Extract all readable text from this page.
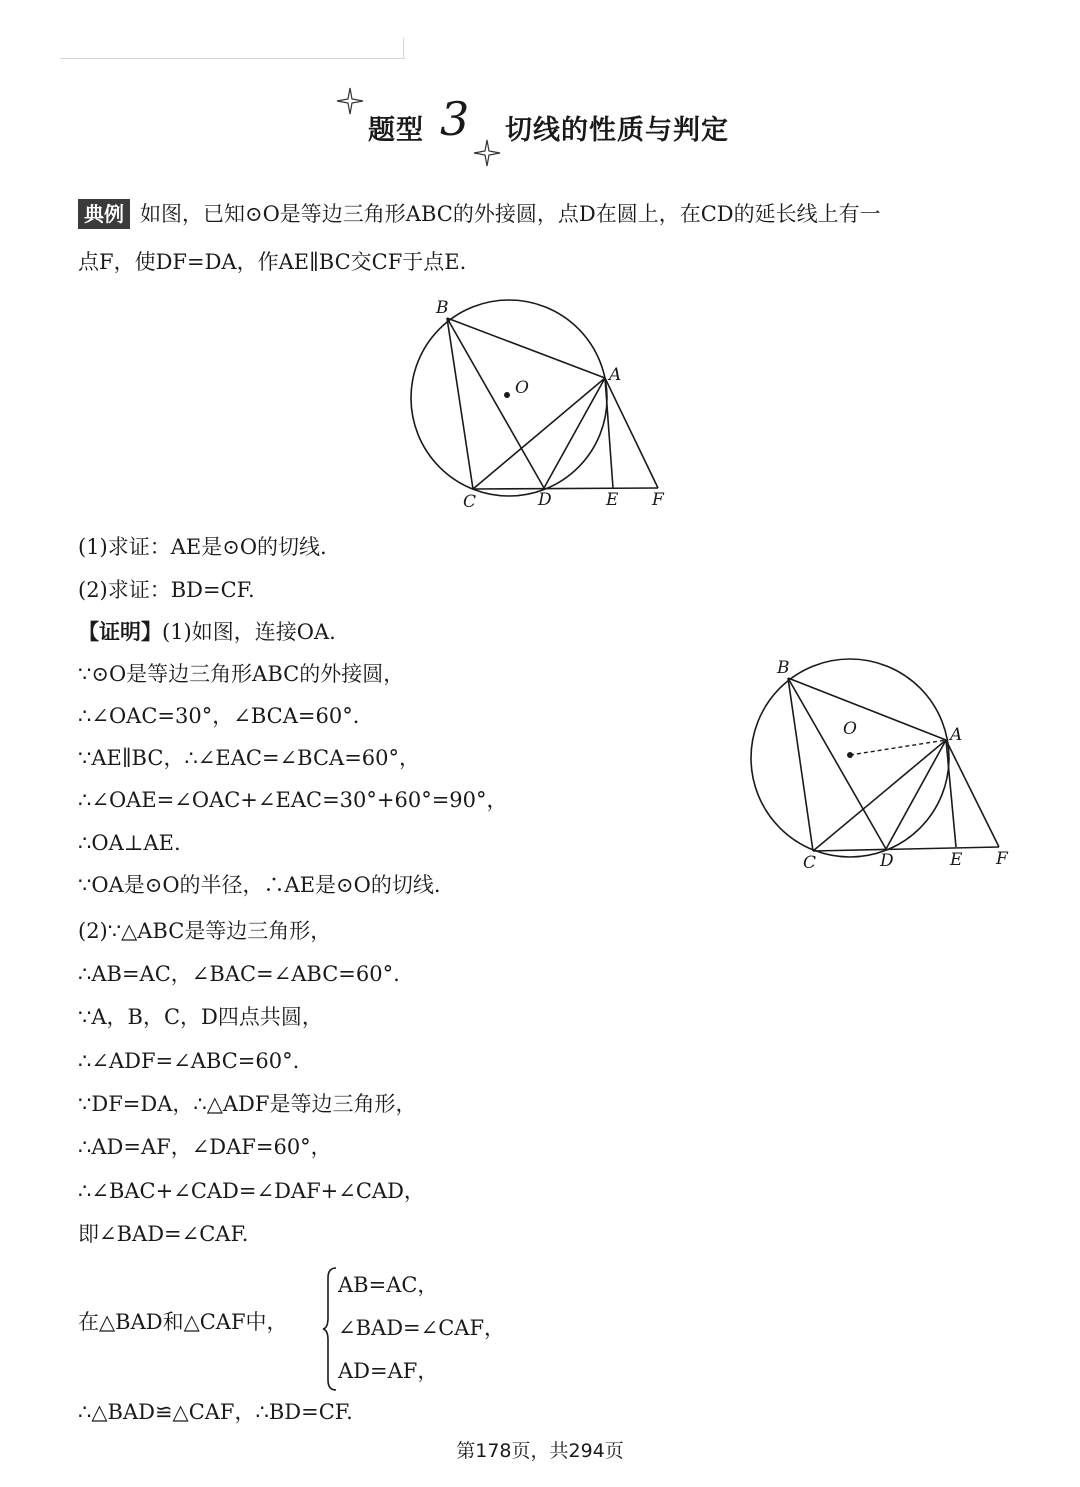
题型 3 切线的性质与判定
典例 如图，已知⊙O是等边三角形ABC的外接圆，点D在圆上，在CD的延长线上有一
点F，使DF=DA，作AE∥BC交CF于点E.
B
O
A
C	D	E F
(1)求证：AE是⊙O的切线.
(2)求证：BD=CF.
【证明】(1)如图，连接OA.
∵⊙O是等边三角形ABC的外接圆，
∴∠OAC=30°，∠BCA=60°.
∵AE∥BC，∴∠EAC=∠BCA=60°，
∴∠OAE=∠OAC+∠EAC=30°+60°=90°，
∴OA⊥AE.
∵OA是⊙O的半径，∴AE是⊙O的切线.
(2)∵△ABC是等边三角形，
∴AB=AC，∠BAC=∠ABC=60°.
∵A，B，C，D四点共圆，
∴∠ADF=∠ABC=60°.
∵DF=DA，∴△ADF是等边三角形，
∴AD=AF，∠DAF=60°，
∴∠BAC+∠CAD=∠DAF+∠CAD，
即∠BAD=∠CAF.
B
O	A
C	D	E F
在△BAD和△CAF中，
AB=AC，
∠BAD=∠CAF，
AD=AF，
∴△BAD≌△CAF，∴BD=CF.
第178页，共294页
